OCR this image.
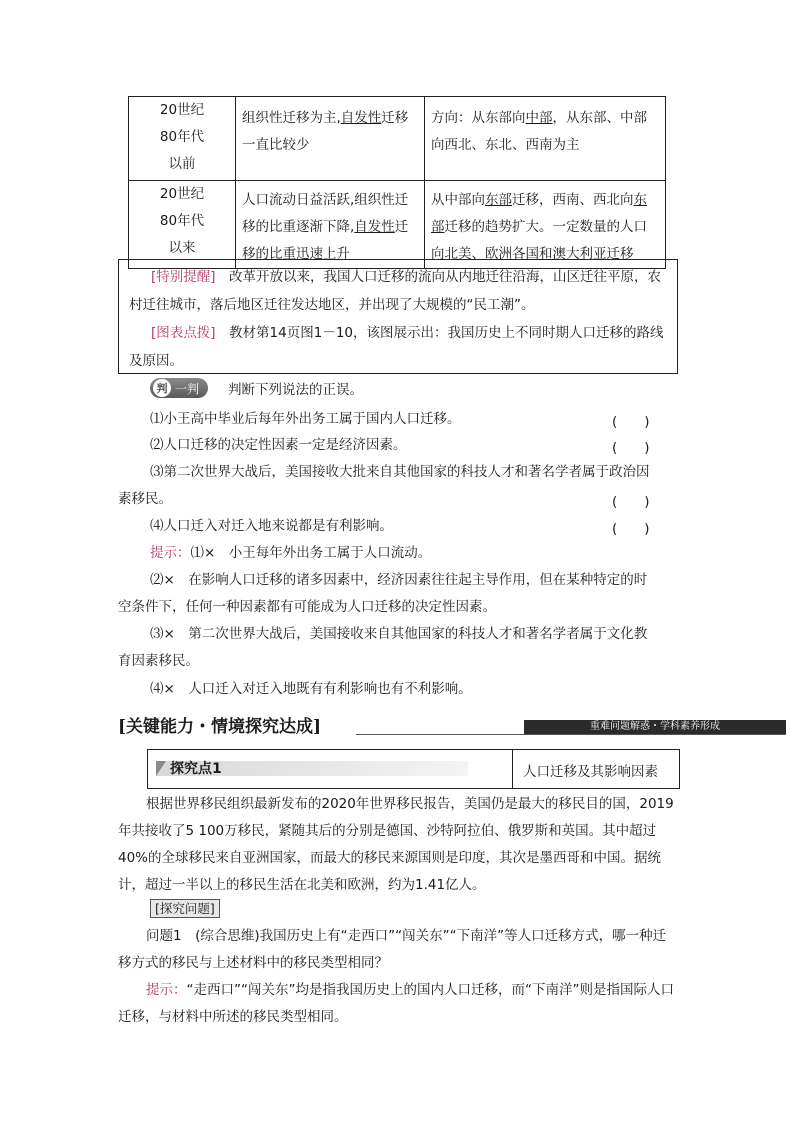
20世纪
80年代
以前	组织性迁移为主,自发性迁移一直比较少	方向：从东部向中部，从东部、中部向西北、东北、西南为主

20世纪
80年代
以来	人口流动日益活跃,组织性迁移的比重逐渐下降,自发性迁移的比重迅速上升	从中部向东部迁移，西南、西北向东部迁移的趋势扩大。一定数量的人口向北美、欧洲各国和澳大利亚迁移

[特别提醒]　 改革开放以来，我国人口迁移的流向从内地迁往沿海，山区迁往平原，农村迁往城市，落后地区迁往发达地区，并出现了大规模的“民工潮”。

[图表点拨]　 教材第14页图1－10，该图展示出：我国历史上不同时期人口迁移的路线及原因。

判 一判 判断下列说法的正误。
⑴小王高中毕业后每年外出务工属于国内人口迁移。	(　　)
⑵人口迁移的决定性因素一定是经济因素。	(　　)
⑶第二次世界大战后，美国接收大批来自其他国家的科技人才和著名学者属于政治因
素移民。	(　　)
⑷人口迁入对迁入地来说都是有利影响。	(　　)
提示：⑴×　小王每年外出务工属于人口流动。
⑵×　在影响人口迁移的诸多因素中，经济因素往往起主导作用，但在某种特定的时
空条件下，任何一种因素都有可能成为人口迁移的决定性因素。
⑶×　第二次世界大战后，美国接收来自其他国家的科技人才和著名学者属于文化教
育因素移民。
⑷×　人口迁入对迁入地既有有利影响也有不利影响。
[关键能力・情境探究达成]	重难问题解惑・学科素养形成
探究点1	人口迁移及其影响因素

根据世界移民组织最新发布的2020年世界移民报告，美国仍是最大的移民目的国，2019年共接收了5 100万移民，紧随其后的分别是德国、沙特阿拉伯、俄罗斯和英国。其中超过40%的全球移民来自亚洲国家，而最大的移民来源国则是印度，其次是墨西哥和中国。据统计，超过一半以上的移民生活在北美和欧洲，约为1.41亿人。

[探究问题]

问题1　(综合思维)我国历史上有“走西口”“闯关东”“下南洋”等人口迁移方式，哪一种迁移方式的移民与上述材料中的移民类型相同？

提示：“走西口”“闯关东”均是指我国历史上的国内人口迁移，而“下南洋”则是指国际人口迁移，与材料中所述的移民类型相同。
